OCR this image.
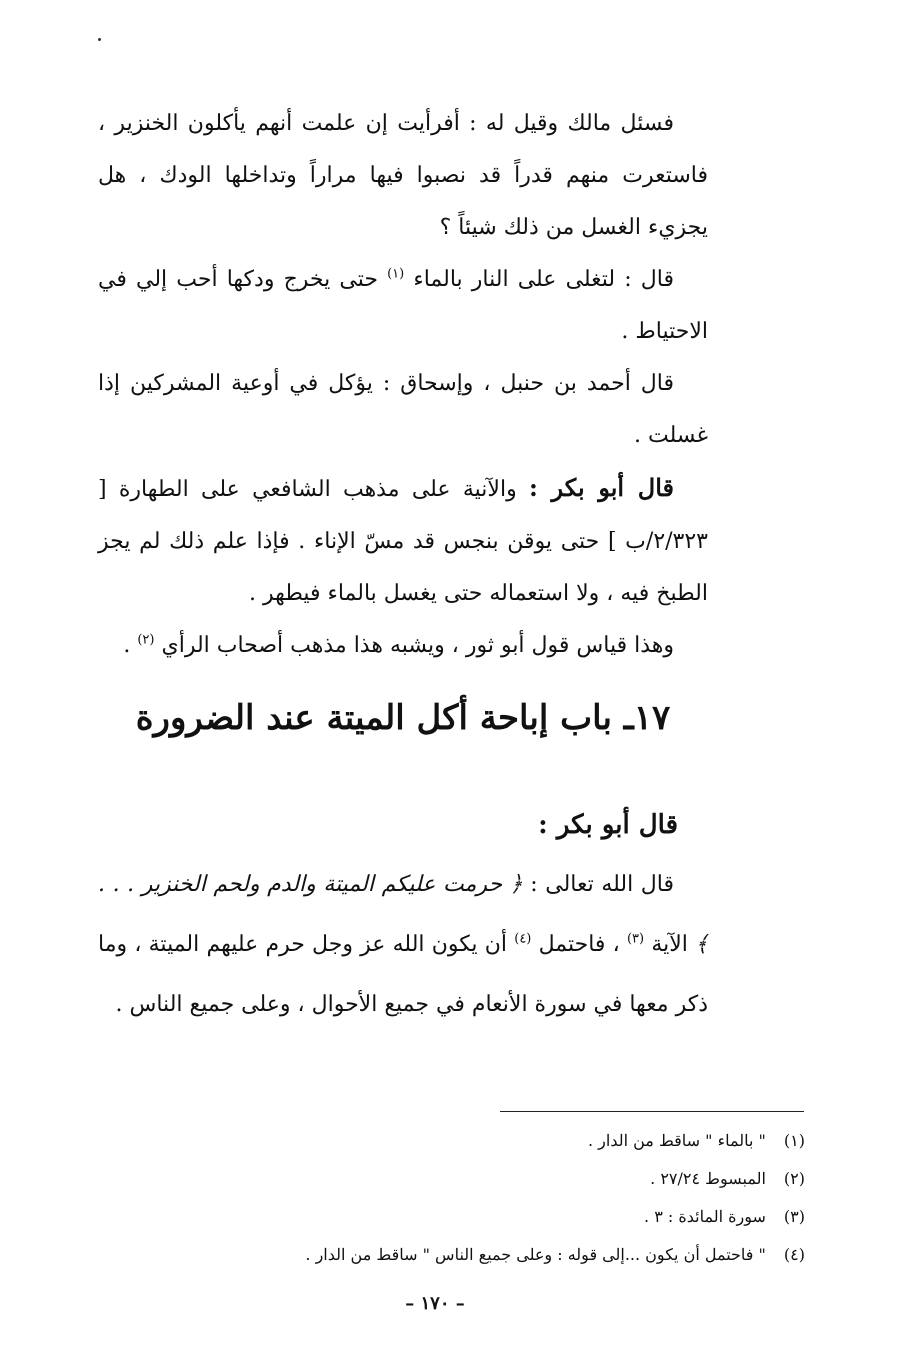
فسئل مالك وقيل له : أفرأيت إن علمت أنهم يأكلون الخنزير ، فاستعرت منهم قدراً قد نصبوا فيها مراراً وتداخلها الودك ، هل يجزيء الغسل من ذلك شيئاً ؟

قال : لتغلى على النار بالماء $^{(١)}$ حتى يخرج ودكها أحب إلي في الاحتياط .

قال أحمد بن حنبل ، وإسحاق : يؤكل في أوعية المشركين إذا غسلت .

قال أبو بكر : والآنية على مذهب الشافعي على الطهارة [ ٢/٣٢٣/ب ] حتى يوقن بنجس قد مسّ الإناء . فإذا علم ذلك لم يجز الطبخ فيه ، ولا استعماله حتى يغسل بالماء فيطهر .

وهذا قياس قول أبو ثور ، ويشبه هذا مذهب أصحاب الرأي $^{(٢)}$ .

١٧ـ باب إباحة أكل الميتة عند الضرورة
قال أبو بكر :

قال الله تعالى : ﴿ حرمت عليكم الميتة والدم ولحم الخنزير . . . ﴾ الآية $^{(٣)}$ ، فاحتمل $^{(٤)}$ أن يكون الله عز وجل حرم عليهم الميتة ، وما ذكر معها في سورة الأنعام في جميع الأحوال ، وعلى جميع الناس .

(١) " بالماء " ساقط من الدار .
(٢) المبسوط ٢٧/٢٤ .
(٣) سورة المائدة : ٣ .
(٤) " فاحتمل أن يكون ...إلى قوله : وعلى جميع الناس " ساقط من الدار .
– ١٧٠ –
